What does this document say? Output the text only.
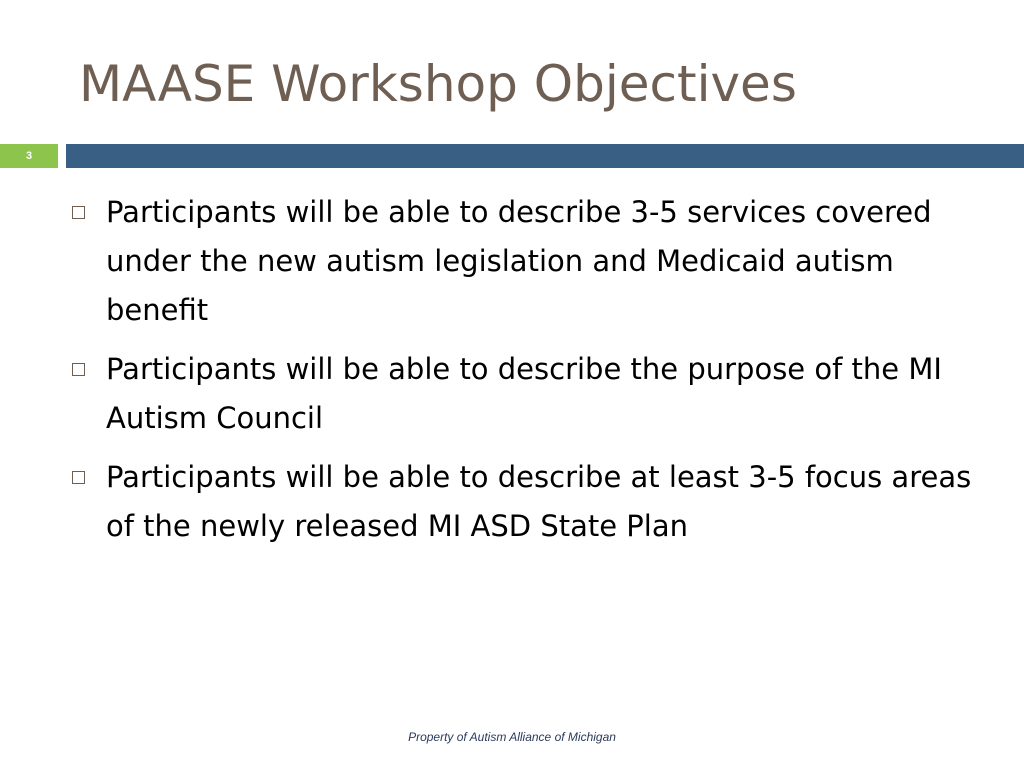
MAASE Workshop Objectives
3
Participants will be able to describe 3-5 services covered under the new autism legislation and Medicaid autism benefit
Participants will be able to describe the purpose of the MI Autism Council
Participants will be able to describe at least 3-5 focus areas of the newly released MI ASD State Plan
Property of Autism Alliance of Michigan
